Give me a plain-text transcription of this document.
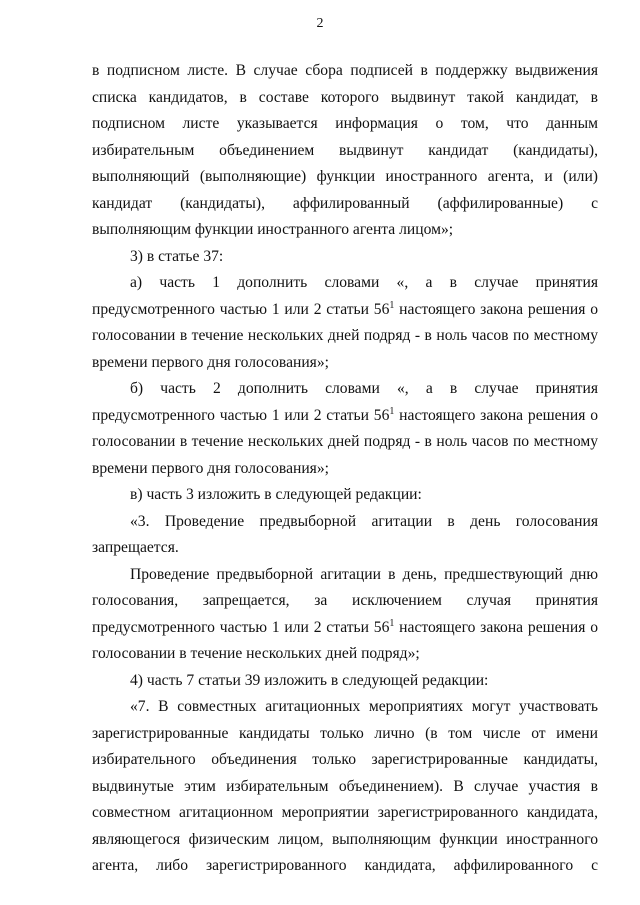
2

в подписном листе. В случае сбора подписей в поддержку выдвижения списка кандидатов, в составе которого выдвинут такой кандидат, в подписном листе указывается информация о том, что данным избирательным объединением выдвинут кандидат (кандидаты), выполняющий (выполняющие) функции иностранного агента, и (или) кандидат (кандидаты), аффилированный (аффилированные) с выполняющим функции иностранного агента лицом»;

3) в статье 37:

а) часть 1 дополнить словами «, а в случае принятия предусмотренного частью 1 или 2 статьи $56^1$ настоящего закона решения о голосовании в течение нескольких дней подряд - в ноль часов по местному времени первого дня голосования»;

б) часть 2 дополнить словами «, а в случае принятия предусмотренного частью 1 или 2 статьи $56^1$ настоящего закона решения о голосовании в течение нескольких дней подряд - в ноль часов по местному времени первого дня голосования»;

в) часть 3 изложить в следующей редакции:

«3. Проведение предвыборной агитации в день голосования запрещается.

Проведение предвыборной агитации в день, предшествующий дню голосования, запрещается, за исключением случая принятия предусмотренного частью 1 или 2 статьи $56^1$ настоящего закона решения о голосовании в течение нескольких дней подряд»;

4) часть 7 статьи 39 изложить в следующей редакции:

«7. В совместных агитационных мероприятиях могут участвовать зарегистрированные кандидаты только лично (в том числе от имени избирательного объединения только зарегистрированные кандидаты, выдвинутые этим избирательным объединением). В случае участия в совместном агитационном мероприятии зарегистрированного кандидата, являющегося физическим лицом, выполняющим функции иностранного агента, либо зарегистрированного кандидата, аффилированного с
